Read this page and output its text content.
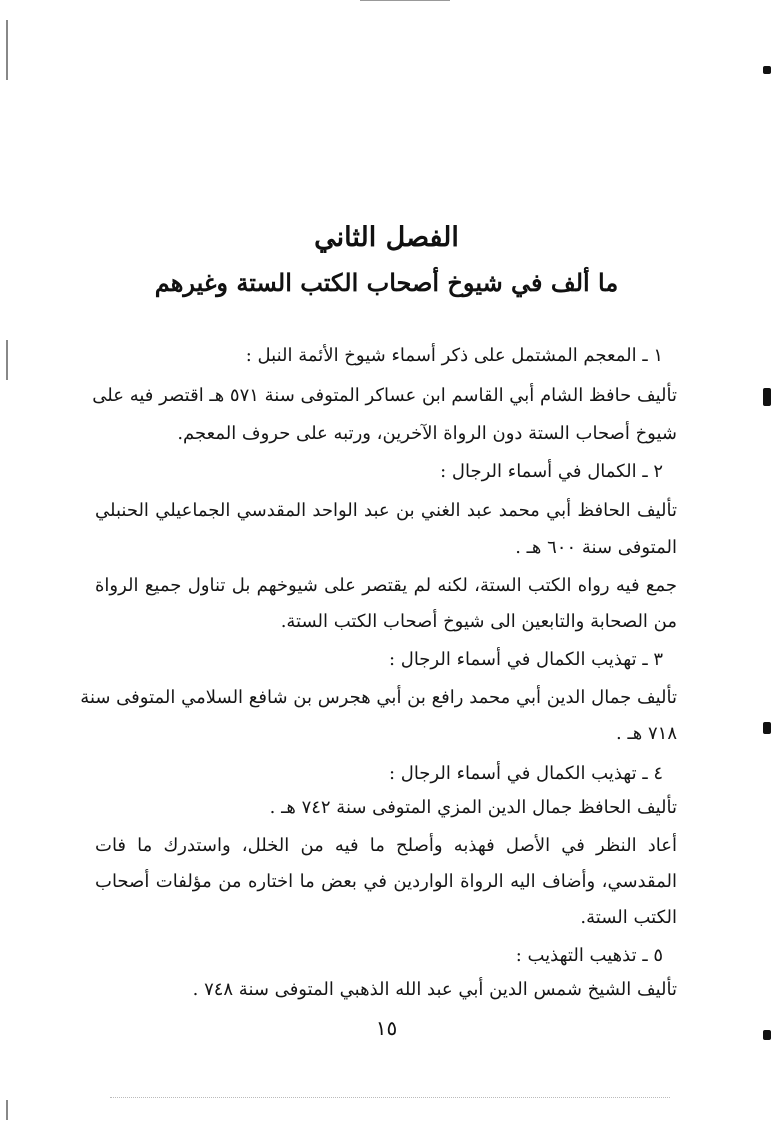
الفصل الثاني
ما ألف في شيوخ أصحاب الكتب الستة وغيرهم
١ ـ المعجم المشتمل على ذكر أسماء شيوخ الأئمة النبل :
تأليف حافظ الشام أبي القاسم ابن عساكر المتوفى سنة ٥٧١ هـ اقتصر فيه على
شيوخ أصحاب الستة دون الرواة الآخرين، ورتبه على حروف المعجم.
٢ ـ الكمال في أسماء الرجال :
تأليف الحافظ أبي محمد عبد الغني بن عبد الواحد المقدسي الجماعيلي الحنبلي
المتوفى سنة ٦٠٠ هـ .
جمع فيه رواه الكتب الستة، لكنه لم يقتصر على شيوخهم بل تناول جميع الرواة
من الصحابة والتابعين الى شيوخ أصحاب الكتب الستة.
٣ ـ تهذيب الكمال في أسماء الرجال :
تأليف جمال الدين أبي محمد رافع بن أبي هجرس بن شافع السلامي المتوفى سنة
٧١٨ هـ .
٤ ـ تهذيب الكمال في أسماء الرجال :
تأليف الحافظ جمال الدين المزي المتوفى سنة ٧٤٢ هـ .
أعاد النظر في الأصل فهذبه وأصلح ما فيه من الخلل، واستدرك ما فات
المقدسي، وأضاف اليه الرواة الواردين في بعض ما اختاره من مؤلفات أصحاب
الكتب الستة.
٥ ـ تذهيب التهذيب :
تأليف الشيخ شمس الدين أبي عبد الله الذهبي المتوفى سنة ٧٤٨ .
١٥
